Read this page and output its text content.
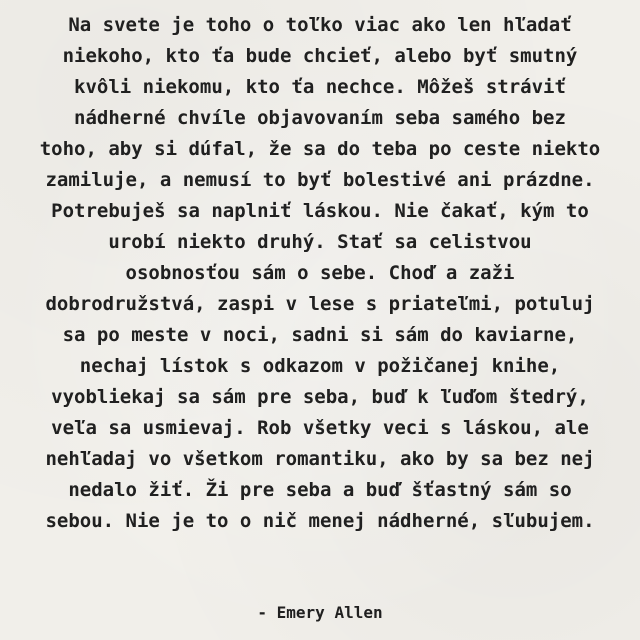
Na svete je toho o toľko viac ako len hľadať
niekoho, kto ťa bude chcieť, alebo byť smutný
kvôli niekomu, kto ťa nechce. Môžeš stráviť
nádherné chvíle objavovaním seba samého bez
toho, aby si dúfal, že sa do teba po ceste niekto
zamiluje, a nemusí to byť bolestivé ani prázdne.
Potrebuješ sa naplniť láskou. Nie čakať, kým to
urobí niekto druhý. Stať sa celistvou
osobnosťou sám o sebe. Choď a zaži
dobrodružstvá, zaspi v lese s priateľmi, potuluj
sa po meste v noci, sadni si sám do kaviarne,
nechaj lístok s odkazom v požičanej knihe,
vyobliekaj sa sám pre seba, buď k ľuďom štedrý,
veľa sa usmievaj. Rob všetky veci s láskou, ale
nehľadaj vo všetkom romantiku, ako by sa bez nej
nedalo žiť. Ži pre seba a buď šťastný sám so
sebou. Nie je to o nič menej nádherné, sľubujem.
- Emery Allen
